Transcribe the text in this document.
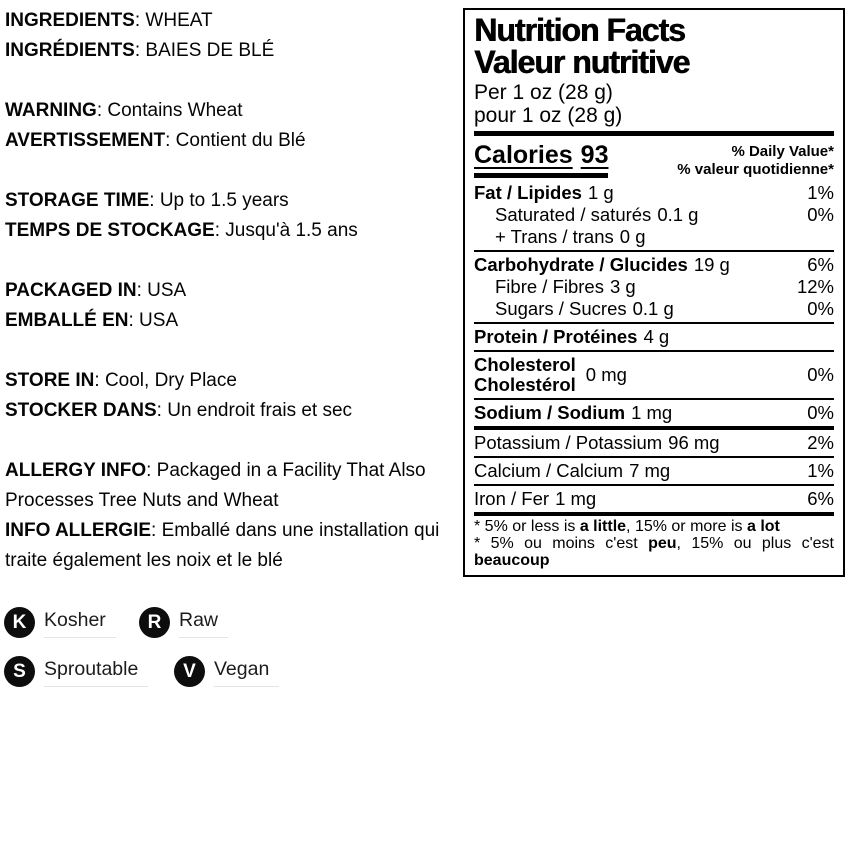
INGREDIENTS: WHEAT
INGRÉDIENTS: BAIES DE BLÉ
WARNING: Contains Wheat
AVERTISSEMENT: Contient du Blé
STORAGE TIME: Up to 1.5 years
TEMPS DE STOCKAGE: Jusqu'à 1.5 ans
PACKAGED IN: USA
EMBALLÉ EN: USA
STORE IN: Cool, Dry Place
STOCKER DANS: Un endroit frais et sec
ALLERGY INFO: Packaged in a Facility That Also Processes Tree Nuts and Wheat
INFO ALLERGIE: Emballé dans une installation qui traite également les noix et le blé
K Kosher	R Raw
S Sproutable	V Vegan
Nutrition Facts
Valeur nutritive
Per 1 oz (28 g)
pour 1 oz (28 g)
Calories 93	% Daily Value*
% valeur quotidienne*
Fat / Lipides 1 g	1%
Saturated / saturés 0.1 g	0%
+ Trans / trans 0 g
Carbohydrate / Glucides 19 g	6%
Fibre / Fibres 3 g	12%
Sugars / Sucres 0.1 g	0%
Protein / Protéines 4 g
Cholesterol
Cholestérol 0 mg	0%
Sodium / Sodium 1 mg	0%
Potassium / Potassium 96 mg	2%
Calcium / Calcium 7 mg	1%
Iron / Fer 1 mg	6%
* 5% or less is a little, 15% or more is a lot
* 5% ou moins c'est peu, 15% ou plus c'est beaucoup
